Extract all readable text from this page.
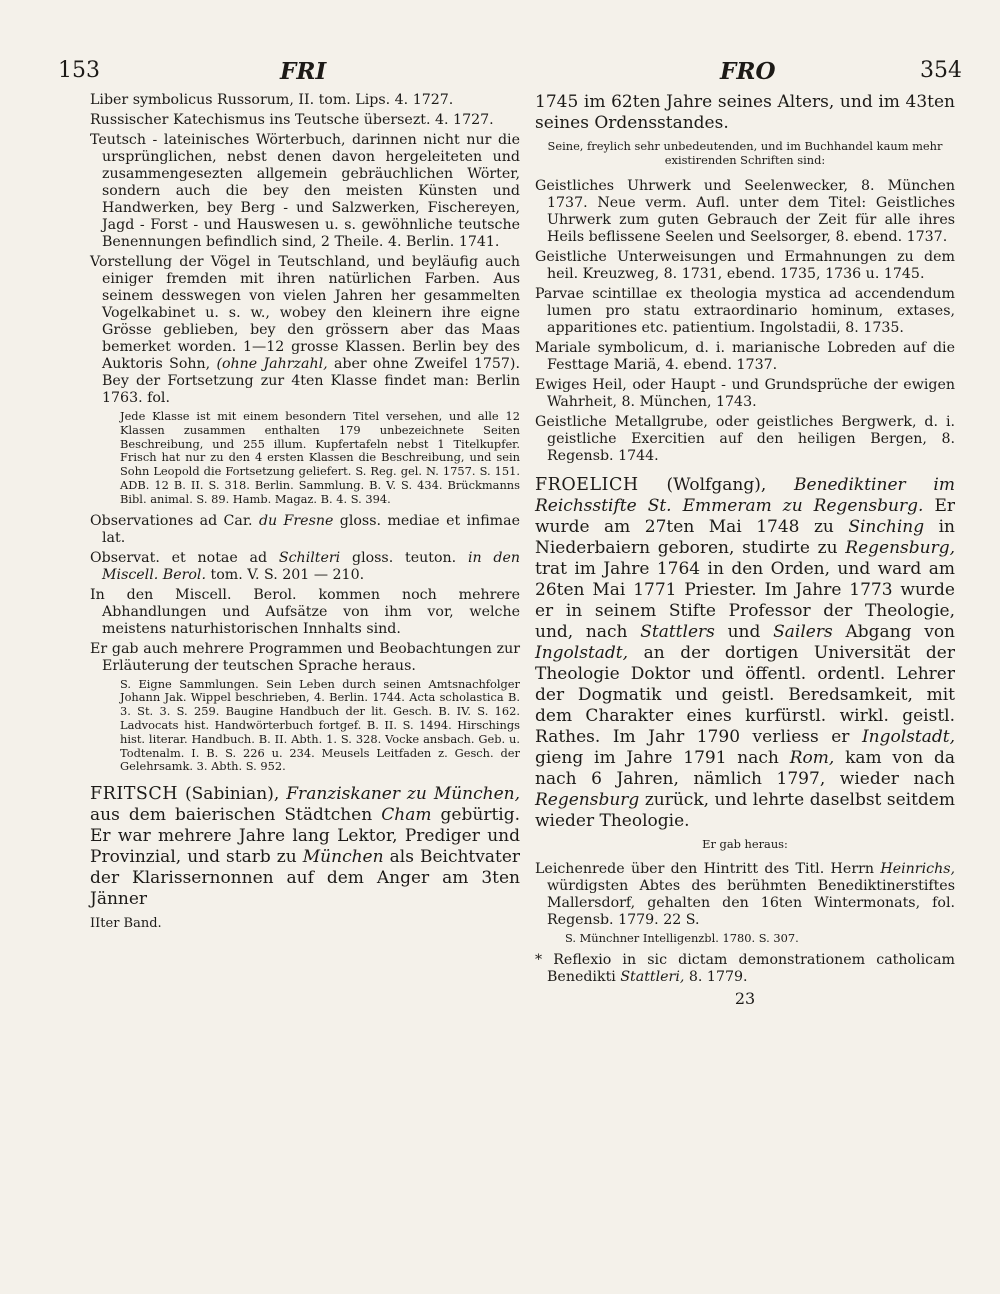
153	FRI	FRO	354

Liber symbolicus Russorum, II. tom. Lips. 4. 1727.

Russischer Katechismus ins Teutsche übersezt. 4. 1727.

Teutsch - lateinisches Wörterbuch, darinnen nicht nur die ursprünglichen, nebst denen davon hergeleiteten und zusammengesezten allgemein gebräuchlichen Wörter, sondern auch die bey den meisten Künsten und Handwerken, bey Berg - und Salzwerken, Fischereyen, Jagd - Forst - und Hauswesen u. s. gewöhnliche teutsche Benennungen befindlich sind, 2 Theile. 4. Berlin. 1741.

Vorstellung der Vögel in Teutschland, und beyläufig auch einiger fremden mit ihren natürlichen Farben. Aus seinem desswegen von vielen Jahren her gesammelten Vogelkabinet u. s. w., wobey den kleinern ihre eigne Grösse geblieben, bey den grössern aber das Maas bemerket worden. 1—12 grosse Klassen. Berlin bey des Auktoris Sohn, (ohne Jahrzahl, aber ohne Zweifel 1757). Bey der Fortsetzung zur 4ten Klasse findet man: Berlin 1763. fol.

Jede Klasse ist mit einem besondern Titel versehen, und alle 12 Klassen zusammen enthalten 179 unbezeichnete Seiten Beschreibung, und 255 illum. Kupfertafeln nebst 1 Titelkupfer. Frisch hat nur zu den 4 ersten Klassen die Beschreibung, und sein Sohn Leopold die Fortsetzung geliefert. S. Reg. gel. N. 1757. S. 151. ADB. 12 B. II. S. 318. Berlin. Sammlung. B. V. S. 434. Brückmanns Bibl. animal. S. 89. Hamb. Magaz. B. 4. S. 394.

Observationes ad Car. du Fresne gloss. mediae et infimae lat.

Observat. et notae ad Schilteri gloss. teuton. in den Miscell. Berol. tom. V. S. 201 — 210.

In den Miscell. Berol. kommen noch mehrere Abhandlungen und Aufsätze von ihm vor, welche meistens naturhistorischen Innhalts sind.

Er gab auch mehrere Programmen und Beobachtungen zur Erläuterung der teutschen Sprache heraus.

S. Eigne Sammlungen. Sein Leben durch seinen Amtsnachfolger Johann Jak. Wippel beschrieben, 4. Berlin. 1744. Acta scholastica B. 3. St. 3. S. 259. Baugine Handbuch der lit. Gesch. B. IV. S. 162. Ladvocats hist. Handwörterbuch fortgef. B. II. S. 1494. Hirschings hist. literar. Handbuch. B. II. Abth. 1. S. 328. Vocke ansbach. Geb. u. Todtenalm. I. B. S. 226 u. 234. Meusels Leitfaden z. Gesch. der Gelehrsamk. 3. Abth. S. 952.

FRITSCH (Sabinian), Franziskaner zu München, aus dem baierischen Städtchen Cham gebürtig. Er war mehrere Jahre lang Lektor, Prediger und Provinzial, und starb zu München als Beichtvater der Klarissernonnen auf dem Anger am 3ten Jänner

IIter Band.

1745 im 62ten Jahre seines Alters, und im 43ten seines Ordensstandes.

Seine, freylich sehr unbedeutenden, und im Buchhandel kaum mehr existirenden Schriften sind:

Geistliches Uhrwerk und Seelenwecker, 8. München 1737. Neue verm. Aufl. unter dem Titel: Geistliches Uhrwerk zum guten Gebrauch der Zeit für alle ihres Heils beflissene Seelen und Seelsorger, 8. ebend. 1737.

Geistliche Unterweisungen und Ermahnungen zu dem heil. Kreuzweg, 8. 1731, ebend. 1735, 1736 u. 1745.

Parvae scintillae ex theologia mystica ad accendendum lumen pro statu extraordinario hominum, extases, apparitiones etc. patientium. Ingolstadii, 8. 1735.

Mariale symbolicum, d. i. marianische Lobreden auf die Festtage Mariä, 4. ebend. 1737.

Ewiges Heil, oder Haupt - und Grundsprüche der ewigen Wahrheit, 8. München, 1743.

Geistliche Metallgrube, oder geistliches Bergwerk, d. i. geistliche Exercitien auf den heiligen Bergen, 8. Regensb. 1744.

FROELICH (Wolfgang), Benediktiner im Reichsstifte St. Emmeram zu Regensburg. Er wurde am 27ten Mai 1748 zu Sinching in Niederbaiern geboren, studirte zu Regensburg, trat im Jahre 1764 in den Orden, und ward am 26ten Mai 1771 Priester. Im Jahre 1773 wurde er in seinem Stifte Professor der Theologie, und, nach Stattlers und Sailers Abgang von Ingolstadt, an der dortigen Universität der Theologie Doktor und öffentl. ordentl. Lehrer der Dogmatik und geistl. Beredsamkeit, mit dem Charakter eines kurfürstl. wirkl. geistl. Rathes. Im Jahr 1790 verliess er Ingolstadt, gieng im Jahre 1791 nach Rom, kam von da nach 6 Jahren, nämlich 1797, wieder nach Regensburg zurück, und lehrte daselbst seitdem wieder Theologie.

Er gab heraus:

Leichenrede über den Hintritt des Titl. Herrn Heinrichs, würdigsten Abtes des berühmten Benediktinerstiftes Mallersdorf, gehalten den 16ten Wintermonats, fol. Regensb. 1779. 22 S.

S. Münchner Intelligenzbl. 1780. S. 307.

* Reflexio in sic dictam demonstrationem catholicam Benedikti Stattleri, 8. 1779.

23
